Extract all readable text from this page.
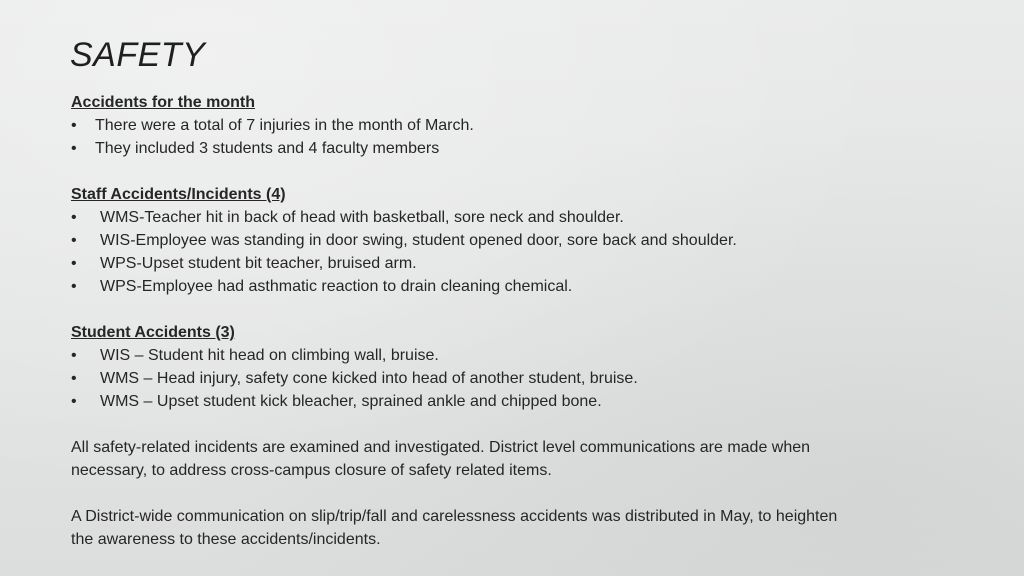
SAFETY

Accidents for the month

• There were a total of 7 injuries in the month of March.
• They included 3 students and 4 faculty members

Staff Accidents/Incidents (4)

• WMS-Teacher hit in back of head with basketball, sore neck and shoulder.
• WIS-Employee was standing in door swing, student opened door, sore back and shoulder.
• WPS-Upset student bit teacher, bruised arm.
• WPS-Employee had asthmatic reaction to drain cleaning chemical.

Student Accidents (3)

• WIS – Student hit head on climbing wall, bruise.
• WMS – Head injury, safety cone kicked into head of another student, bruise.
• WMS – Upset student kick bleacher, sprained ankle and chipped bone.

All safety-related incidents are examined and investigated. District level communications are made when necessary, to address cross-campus closure of safety related items.

A District-wide communication on slip/trip/fall and carelessness accidents was distributed in May, to heighten the awareness to these accidents/incidents.
